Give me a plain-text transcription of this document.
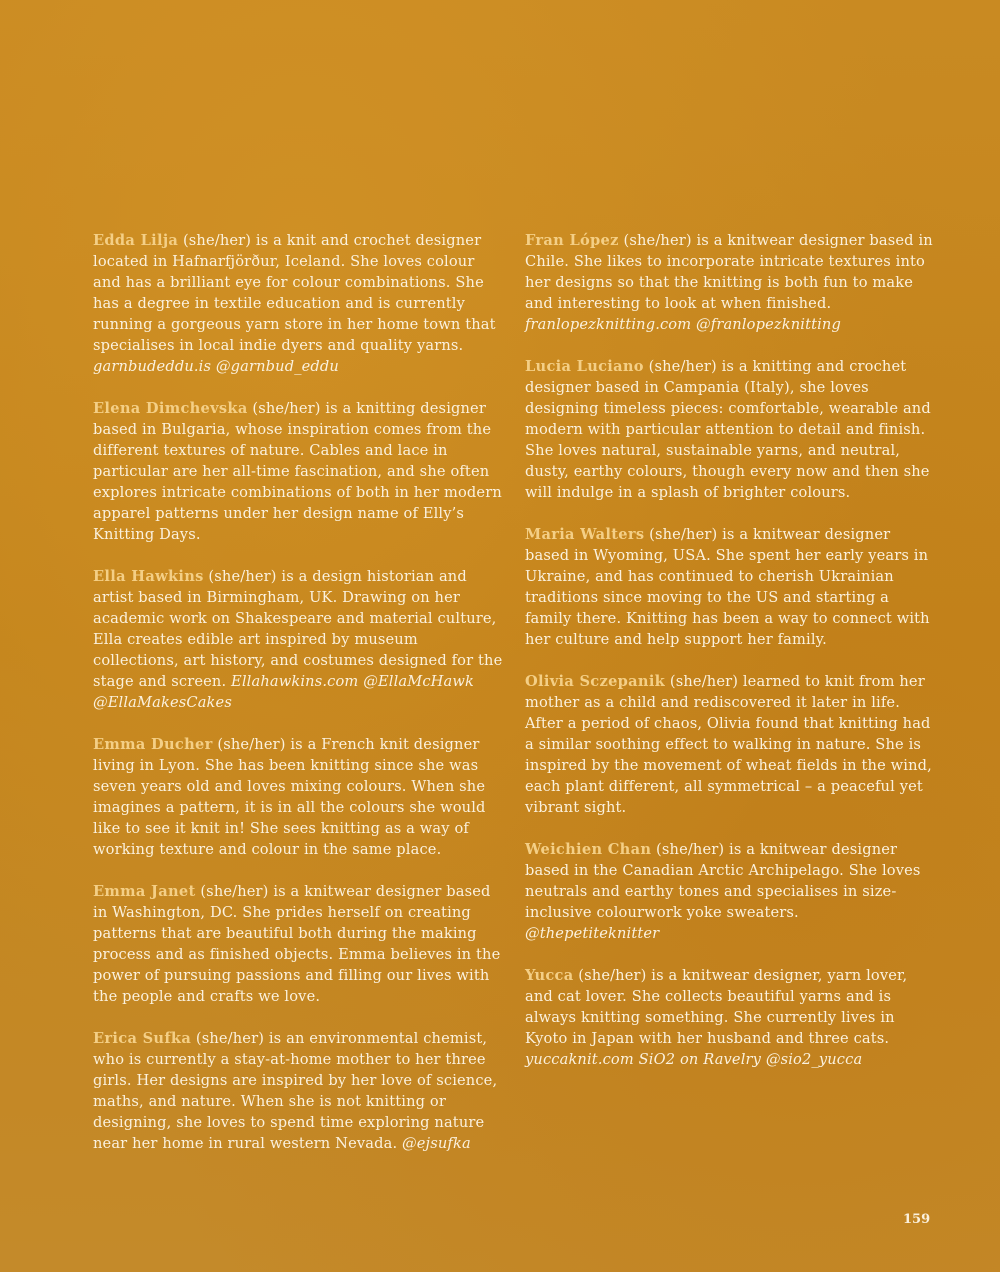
Edda Lilja (she/her) is a knit and crochet designer located in Hafnarfjörður, Iceland. She loves colour and has a brilliant eye for colour combinations. She has a degree in textile education and is currently running a gorgeous yarn store in her home town that specialises in local indie dyers and quality yarns. garnbudeddu.is @garnbud_eddu

Elena Dimchevska (she/her) is a knitting designer based in Bulgaria, whose inspiration comes from the different textures of nature. Cables and lace in particular are her all-time fascination, and she often explores intricate combinations of both in her modern apparel patterns under her design name of Elly’s Knitting Days.

Ella Hawkins (she/her) is a design historian and artist based in Birmingham, UK. Drawing on her academic work on Shakespeare and material culture, Ella creates edible art inspired by museum collections, art history, and costumes designed for the stage and screen. Ellahawkins.com @EllaMcHawk @EllaMakesCakes

Emma Ducher (she/her) is a French knit designer living in Lyon. She has been knitting since she was seven years old and loves mixing colours. When she imagines a pattern, it is in all the colours she would like to see it knit in! She sees knitting as a way of working texture and colour in the same place.

Emma Janet (she/her) is a knitwear designer based in Washington, DC. She prides herself on creating patterns that are beautiful both during the making process and as finished objects. Emma believes in the power of pursuing passions and filling our lives with the people and crafts we love.

Erica Sufka (she/her) is an environmental chemist, who is currently a stay-at-home mother to her three girls. Her designs are inspired by her love of science, maths, and nature. When she is not knitting or designing, she loves to spend time exploring nature near her home in rural western Nevada. @ejsufka

Fran López (she/her) is a knitwear designer based in Chile. She likes to incorporate intricate textures into her designs so that the knitting is both fun to make and interesting to look at when finished. franlopezknitting.com @franlopezknitting

Lucia Luciano (she/her) is a knitting and crochet designer based in Campania (Italy), she loves designing timeless pieces: comfortable, wearable and modern with particular attention to detail and finish. She loves natural, sustainable yarns, and neutral, dusty, earthy colours, though every now and then she will indulge in a splash of brighter colours.

Maria Walters (she/her) is a knitwear designer based in Wyoming, USA. She spent her early years in Ukraine, and has continued to cherish Ukrainian traditions since moving to the US and starting a family there. Knitting has been a way to connect with her culture and help support her family.

Olivia Sczepanik (she/her) learned to knit from her mother as a child and rediscovered it later in life. After a period of chaos, Olivia found that knitting had a similar soothing effect to walking in nature. She is inspired by the movement of wheat fields in the wind, each plant different, all symmetrical – a peaceful yet vibrant sight.

Weichien Chan (she/her) is a knitwear designer based in the Canadian Arctic Archipelago. She loves neutrals and earthy tones and specialises in size-inclusive colourwork yoke sweaters. @thepetiteknitter

Yucca (she/her) is a knitwear designer, yarn lover, and cat lover. She collects beautiful yarns and is always knitting something. She currently lives in Kyoto in Japan with her husband and three cats. yuccaknit.com SiO2 on Ravelry @sio2_yucca

159
